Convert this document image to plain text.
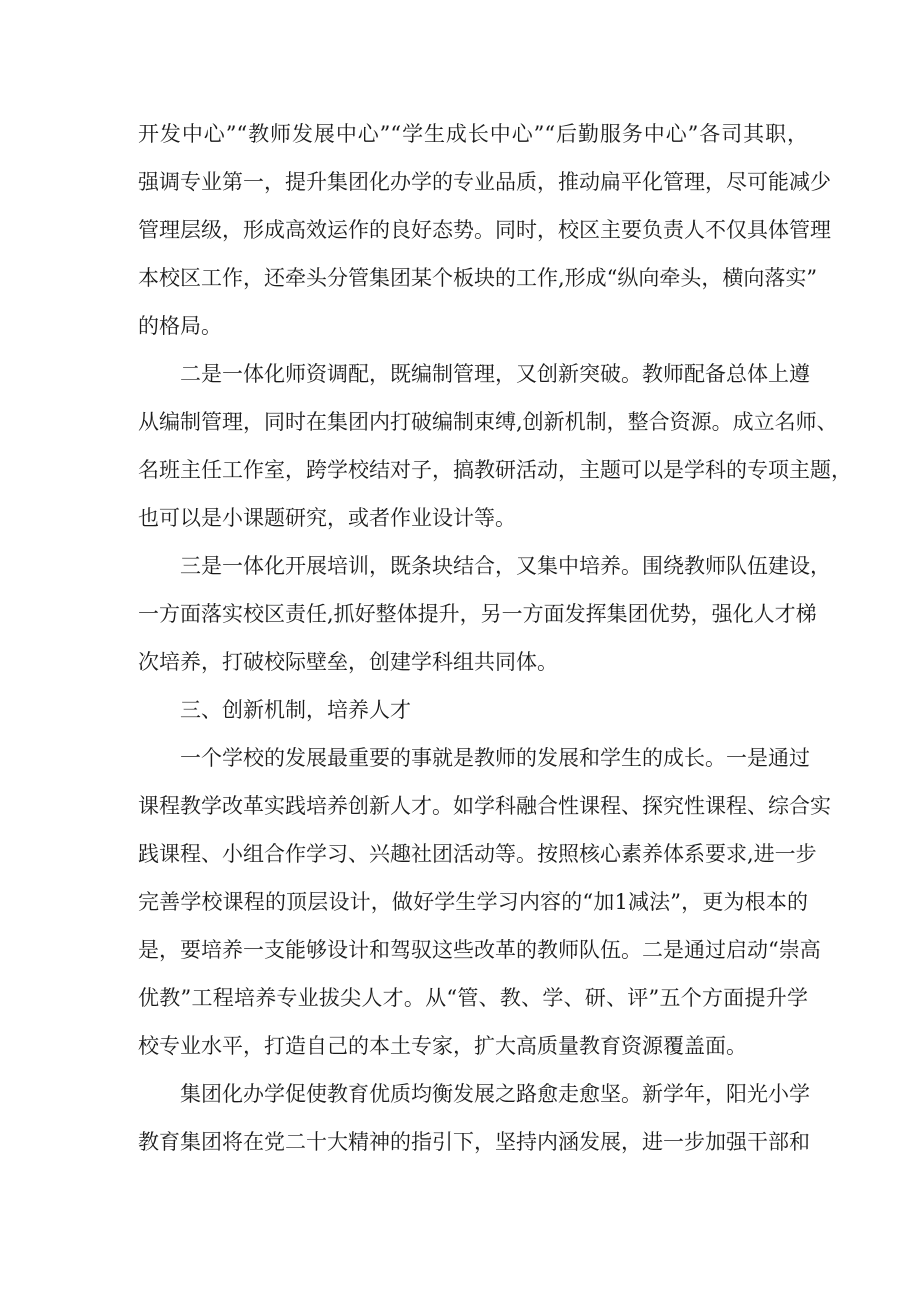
开发中心”“教师发展中心”“学生成长中心”“后勤服务中心”各司其职，
强调专业第一，提升集团化办学的专业品质，推动扁平化管理，尽可能减少
管理层级，形成高效运作的良好态势。同时，校区主要负责人不仅具体管理
本校区工作，还牵头分管集团某个板块的工作,形成“纵向牵头，横向落实”
的格局。
二是一体化师资调配，既编制管理，又创新突破。教师配备总体上遵
从编制管理，同时在集团内打破编制束缚,创新机制，整合资源。成立名师、
名班主任工作室，跨学校结对子，搞教研活动，主题可以是学科的专项主题，
也可以是小课题研究，或者作业设计等。
三是一体化开展培训，既条块结合，又集中培养。围绕教师队伍建设，
一方面落实校区责任,抓好整体提升，另一方面发挥集团优势，强化人才梯
次培养，打破校际壁垒，创建学科组共同体。
三、创新机制，培养人才
一个学校的发展最重要的事就是教师的发展和学生的成长。一是通过
课程教学改革实践培养创新人才。如学科融合性课程、探究性课程、综合实
践课程、小组合作学习、兴趣社团活动等。按照核心素养体系要求,进一步
完善学校课程的顶层设计，做好学生学习内容的“加1减法”，更为根本的
是，要培养一支能够设计和驾驭这些改革的教师队伍。二是通过启动“崇高
优教”工程培养专业拔尖人才。从“管、教、学、研、评”五个方面提升学
校专业水平，打造自己的本土专家，扩大高质量教育资源覆盖面。
集团化办学促使教育优质均衡发展之路愈走愈坚。新学年，阳光小学
教育集团将在党二十大精神的指引下，坚持内涵发展，进一步加强干部和
